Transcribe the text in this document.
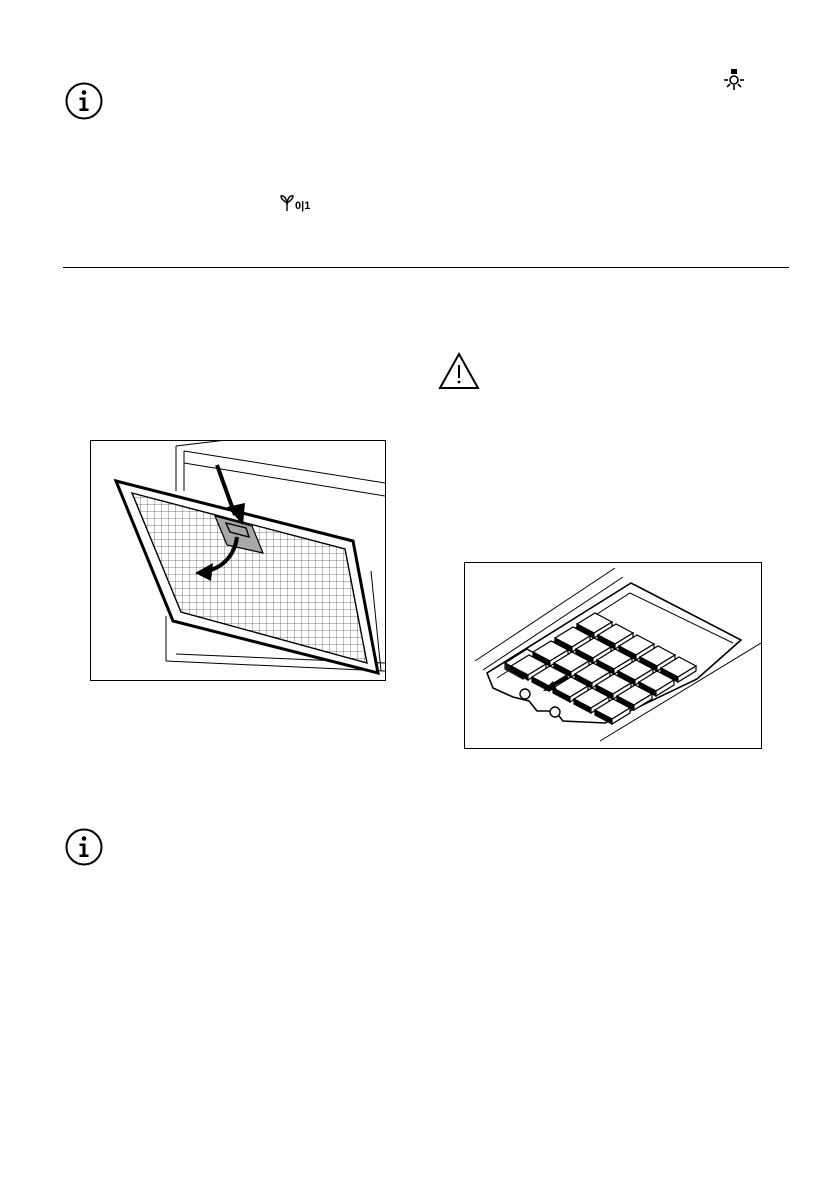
0|1
